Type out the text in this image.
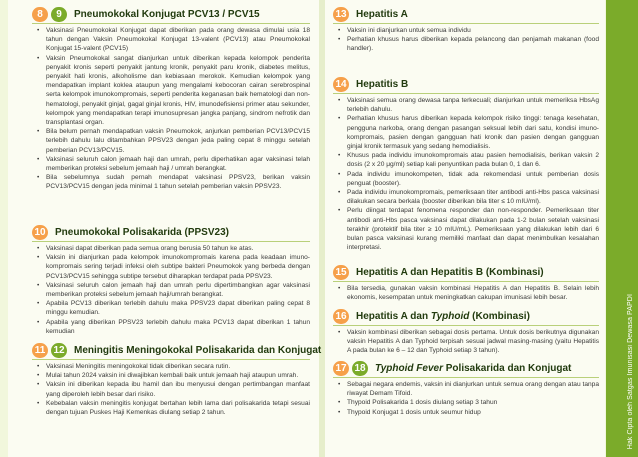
Hak Cipta oleh Satgas Imunisasi Dewasa PAPDI
8	9	Pneumokokal Konjugat PCV13 / PCV15
• Vaksinasi Pneumokokal Konjugat dapat diberikan pada orang dewasa dimulai usia 18 tahun dengan Vaksin Pneumokokal Konjugat 13-valent (PCV13) atau Pneumokokal Konjugat 15-valent (PCV15)
• Vaksin Pneumokokal sangat dianjurkan untuk diberikan kepada kelompok penderita penyakit kronis seperti penyakit jantung kronik, penyakit paru kronik, diabetes melitus, penyakit hati kronis, alkoholisme dan kebiasaan merokok. Kemudian kelompok yang mendapatkan implant koklea ataupun yang mengalami kebocoran cairan serebrospinal serta kelompok imunokompromais, seperti penderita keganasan baik hematologi dan non-hematologi, penyakit ginjal, gagal ginjal kronis, HIV, imunodefisiensi primer atau sekunder, kelompok yang mendapatkan terapi imunosupresan jangka panjang, sindrom nefrotik dan transplantasi organ.
• Bila belum pernah mendapatkan vaksin Pneumokok, anjurkan pemberian PCV13/PCV15 terlebih dahulu lalu ditambahkan PPSV23 dengan jeda paling cepat 8 minggu setelah pemberian PCV13/PCV15.
• Vaksinasi seluruh calon jemaah haji dan umrah, perlu diperhatikan agar vaksinasi telah memberikan proteksi sebelum jemaah haji / umrah berangkat.
• Bila sebelumnya sudah pernah mendapat vaksinasi PPSV23, berikan vaksin PCV13/PCV15 dengan jeda minimal 1 tahun setelah pemberian vaksin PPSV23.
10 Pneumokokal Polisakarida (PPSV23)
• Vaksinasi dapat diberikan pada semua orang berusia 50 tahun ke atas.
• Vaksin ini dianjurkan pada kelompok imunokompromais karena pada keadaan imuno-kompromais sering terjadi infeksi oleh subtipe bakteri Pneumokok yang berbeda dengan PCV13/PCV15 sehingga subtipe tersebut diharapkan terdapat pada PPSV23.
• Vaksinasi seluruh calon jemaah haji dan umrah perlu dipertimbangkan agar vaksinasi memberikan proteksi sebelum jemaah haji/umrah berangkat.
• Apabila PCV13 diberikan terlebih dahulu maka PPSV23 dapat diberikan paling cepat 8 minggu kemudian.
• Apabila yang diberikan PPSV23 terlebih dahulu maka PCV13 dapat diberikan 1 tahun kemudian
11 12 Meningitis Meningokokal Polisakarida dan Konjugat
• Vaksinasi Meningitis meningokokal tidak diberikan secara rutin.
• Mulai tahun 2024 vaksin ini diwajibkan kembali baik untuk jemaah haji ataupun umrah.
• Vaksin ini diberikan kepada ibu hamil dan ibu menyusui dengan pertimbangan manfaat yang diperoleh lebih besar dari risiko.
• Kebebalan vaksin meningitis konjugat bertahan lebih lama dari polisakarida tetapi sesuai dengan tujuan Puskes Haji Kemenkas diulang setiap 2 tahun.
13 Hepatitis A
• Vaksin ini dianjurkan untuk semua individu
• Perhatian khusus harus diberikan kepada pelancong dan penjamah makanan (food handler).
14 Hepatitis B
• Vaksinasi semua orang dewasa tanpa terkecuali; dianjurkan untuk memeriksa HbsAg terlebih dahulu.
• Perhatian khusus harus diberikan kepada kelompok risiko tinggi: tenaga kesehatan, pengguna narkoba, orang dengan pasangan seksual lebih dari satu, kondisi imuno-kompromais, pasien dengan gangguan hati kronik dan pasien dengan gangguan ginjal kronik termasuk yang sedang hemodialisis.
• Khusus pada individu imunokompromais atau pasien hemodialisis, berikan vaksin 2 dosis (2 x 20 μg/ml) setiap kali penyuntikan pada bulan 0, 1 dan 6.
• Pada individu imunokompeten, tidak ada rekomendasi untuk pemberian dosis penguat (booster).
• Pada individu imunokompromais, pemeriksaan titer antibodi anti-Hbs pasca vaksinasi dilakukan secara berkala (booster diberikan bila titer ≤ 10 mIU/ml).
• Perlu diingat terdapat fenomena responder dan non-responder. Pemeriksaan titer antibodi anti-Hbs pasca vaksinasi dapat dilakukan pada 1-2 bulan setelah vaksinasi terakhir (protektif bila titer ≥ 10 mIU/mL). Pemeriksaan yang dilakukan lebih dari 6 bulan pasca vaksinasi kurang memiliki manfaat dan dapat menimbulkan kesalahan interpretasi.
15 Hepatitis A dan Hepatitis B (Kombinasi)
• Bila tersedia, gunakan vaksin kombinasi Hepatitis A dan Hepatitis B. Selain lebih ekonomis, kesempatan untuk meningkatkan cakupan imunisasi lebih besar.
16 Hepatitis A dan Typhoid (Kombinasi)
• Vaksin kombinasi diberikan sebagai dosis pertama. Untuk dosis berikutnya digunakan vaksin Hepatitis A dan Typhoid terpisah sesuai jadwal masing-masing (yaitu Hepatitis A pada bulan ke 6 – 12 dan Typhoid setiap 3 tahun).
17 18 Typhoid Fever Polisakarida dan Konjugat
• Sebagai negara endemis, vaksin ini dianjurkan untuk semua orang dengan atau tanpa riwayat Demam Tifoid.
• Thypoid Polisakarida 1 dosis diulang setiap 3 tahun
• Thypoid Konjugat 1 dosis untuk seumur hidup
